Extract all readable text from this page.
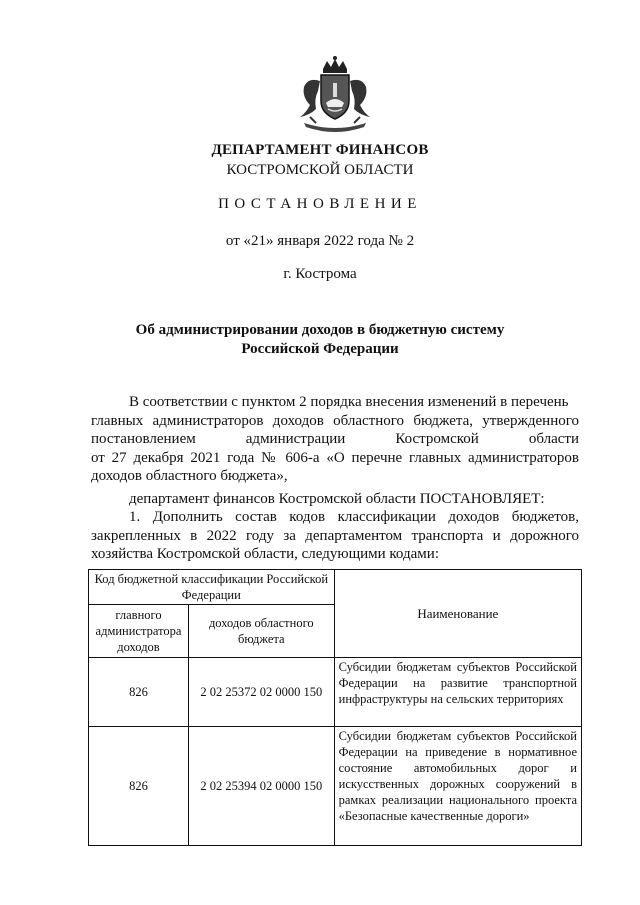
ДЕПАРТАМЕНТ ФИНАНСОВ
КОСТРОМСКОЙ ОБЛАСТИ
ПОСТАНОВЛЕНИЕ
от «21» января 2022 года № 2
г. Кострома
Об администрировании доходов в бюджетную систему
Российской Федерации

В соответствии с пунктом 2 порядка внесения изменений в перечень

главных администраторов доходов областного бюджета, утвержденного

постановлением администрации Костромской области

от 27 декабря 2021 года № 606-а «О перечне главных администраторов

доходов областного бюджета»,

департамент финансов Костромской области ПОСТАНОВЛЯЕТ:

1. Дополнить состав кодов классификации доходов бюджетов,

закрепленных в 2022 году за департаментом транспорта и дорожного

хозяйства Костромской области, следующими кодами:

Код бюджетной классификации Российской Федерации		Наименование
главного администратора доходов	доходов областного бюджета	
826	2 02 25372 02 0000 150	Субсидии бюджетам субъектов Российской Федерации на развитие транспортной инфраструктуры на сельских территориях
826	2 02 25394 02 0000 150	Субсидии бюджетам субъектов Российской Федерации на приведение в нормативное состояние автомобильных дорог и искусственных дорожных сооружений в рамках реализации национального проекта «Безопасные качественные дороги»
